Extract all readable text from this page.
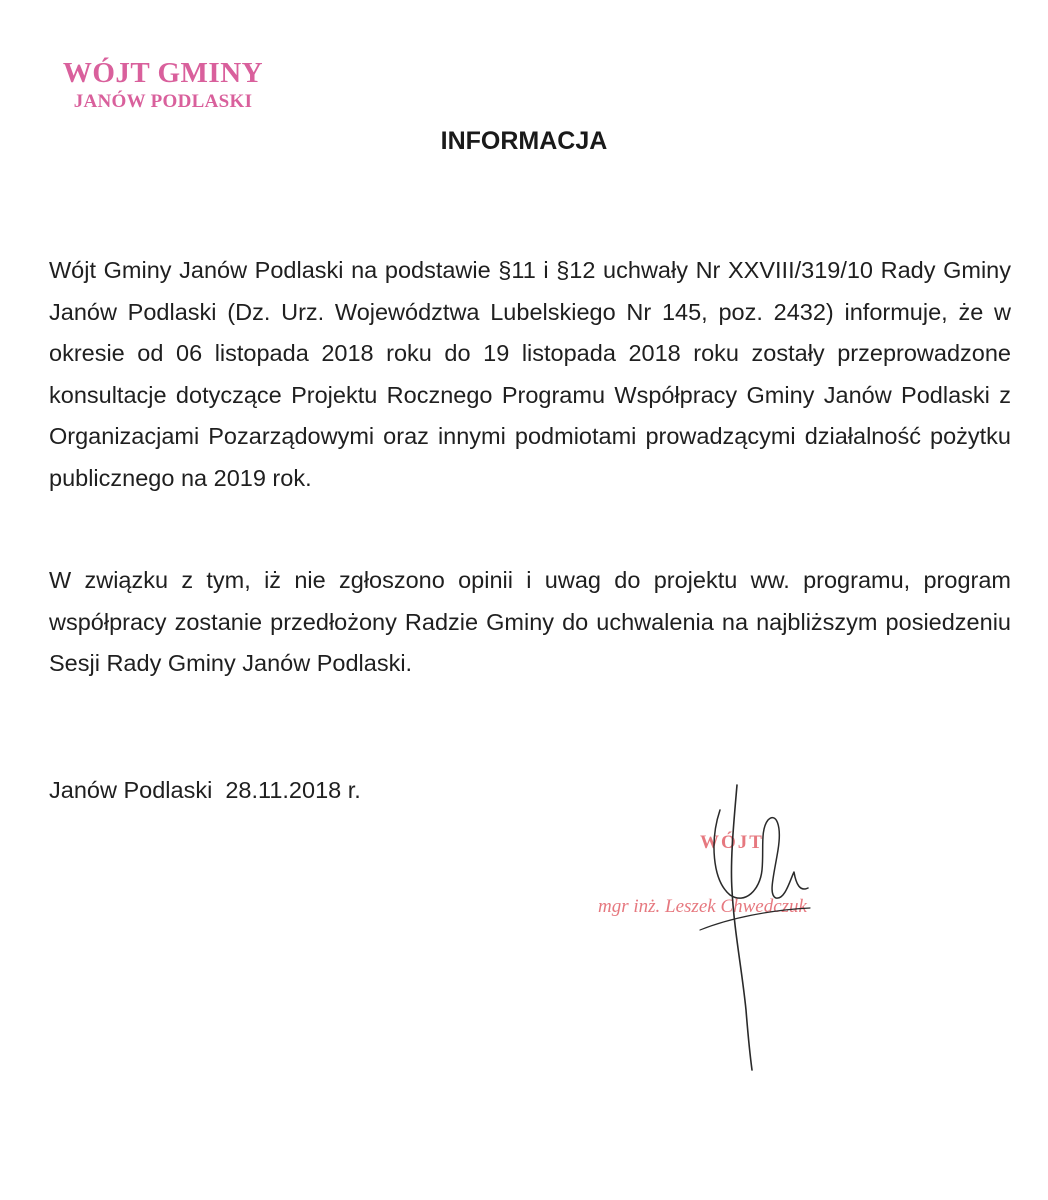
WÓJT GMINY
JANÓW PODLASKI
INFORMACJA

Wójt Gminy Janów Podlaski na podstawie §11 i §12 uchwały Nr XXVIII/319/10 Rady Gminy Janów Podlaski (Dz. Urz. Województwa Lubelskiego Nr 145, poz. 2432) informuje, że w okresie od 06 listopada 2018 roku do 19 listopada 2018 roku zostały przeprowadzone konsultacje dotyczące Projektu Rocznego Programu Współpracy Gminy Janów Podlaski z Organizacjami Pozarządowymi oraz innymi podmiotami prowadzącymi działalność pożytku publicznego na 2019 rok.

W związku z tym, iż nie zgłoszono opinii i uwag do projektu ww. programu, program współpracy zostanie przedłożony Radzie Gminy do uchwalenia na najbliższym posiedzeniu Sesji Rady Gminy Janów Podlaski.

Janów Podlaski  28.11.2018 r.
WÓJT
mgr inż. Leszek Chwedczuk
